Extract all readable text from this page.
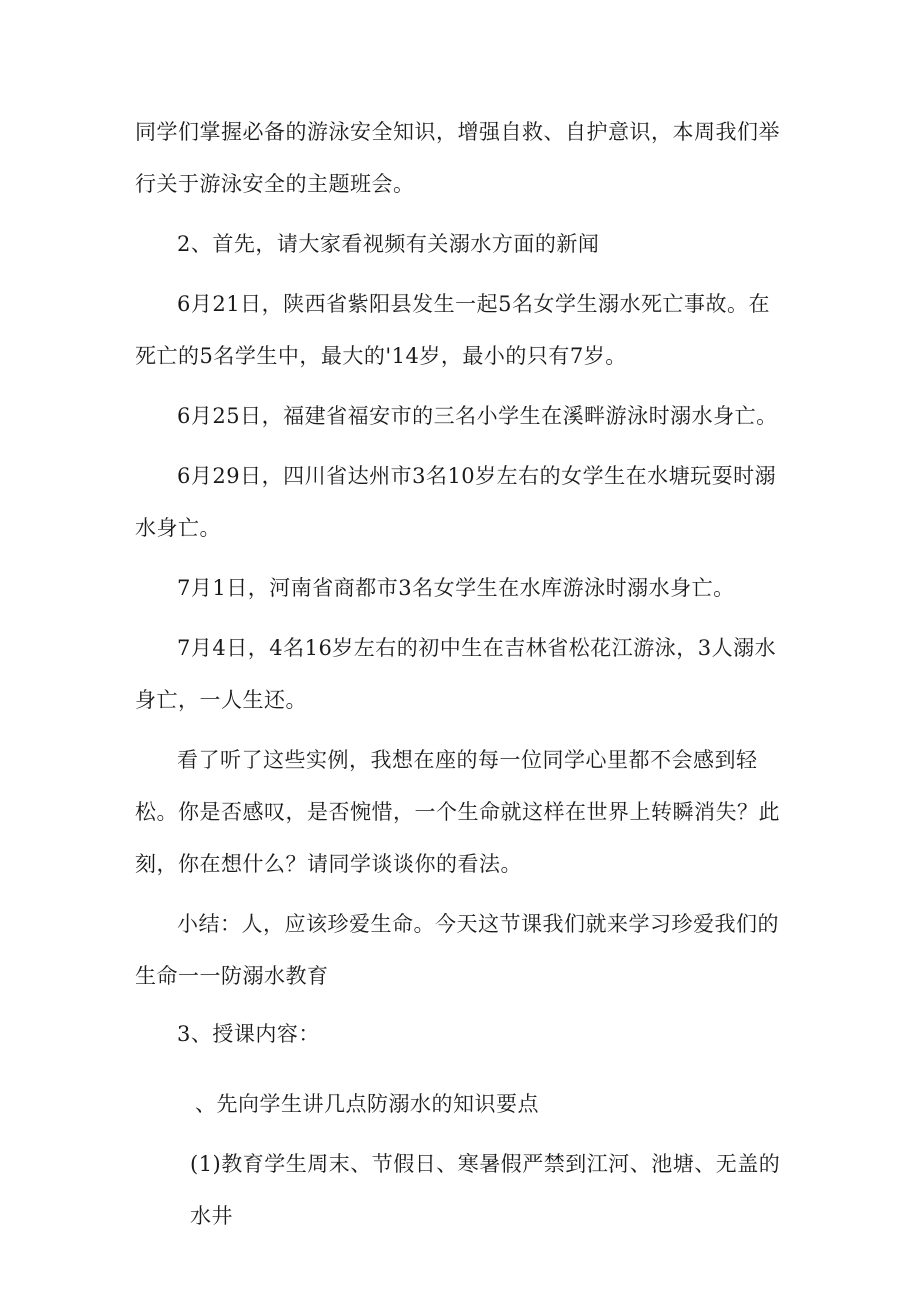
同学们掌握必备的游泳安全知识，增强自救、自护意识，本周我们举行关于游泳安全的主题班会。

2、首先，请大家看视频有关溺水方面的新闻

6月21日，陕西省紫阳县发生一起5名女学生溺水死亡事故。在死亡的5名学生中，最大的'14岁，最小的只有7岁。

6月25日，福建省福安市的三名小学生在溪畔游泳时溺水身亡。

6月29日，四川省达州市3名10岁左右的女学生在水塘玩耍时溺水身亡。

7月1日，河南省商都市3名女学生在水库游泳时溺水身亡。

7月4日，4名16岁左右的初中生在吉林省松花江游泳，3人溺水身亡，一人生还。

看了听了这些实例，我想在座的每一位同学心里都不会感到轻松。你是否感叹，是否惋惜，一个生命就这样在世界上转瞬消失？此刻，你在想什么？请同学谈谈你的看法。

小结：人，应该珍爱生命。今天这节课我们就来学习珍爱我们的生命一一防溺水教育

3、授课内容：

、先向学生讲几点防溺水的知识要点

(1)教育学生周末、节假日、寒暑假严禁到江河、池塘、无盖的水井
